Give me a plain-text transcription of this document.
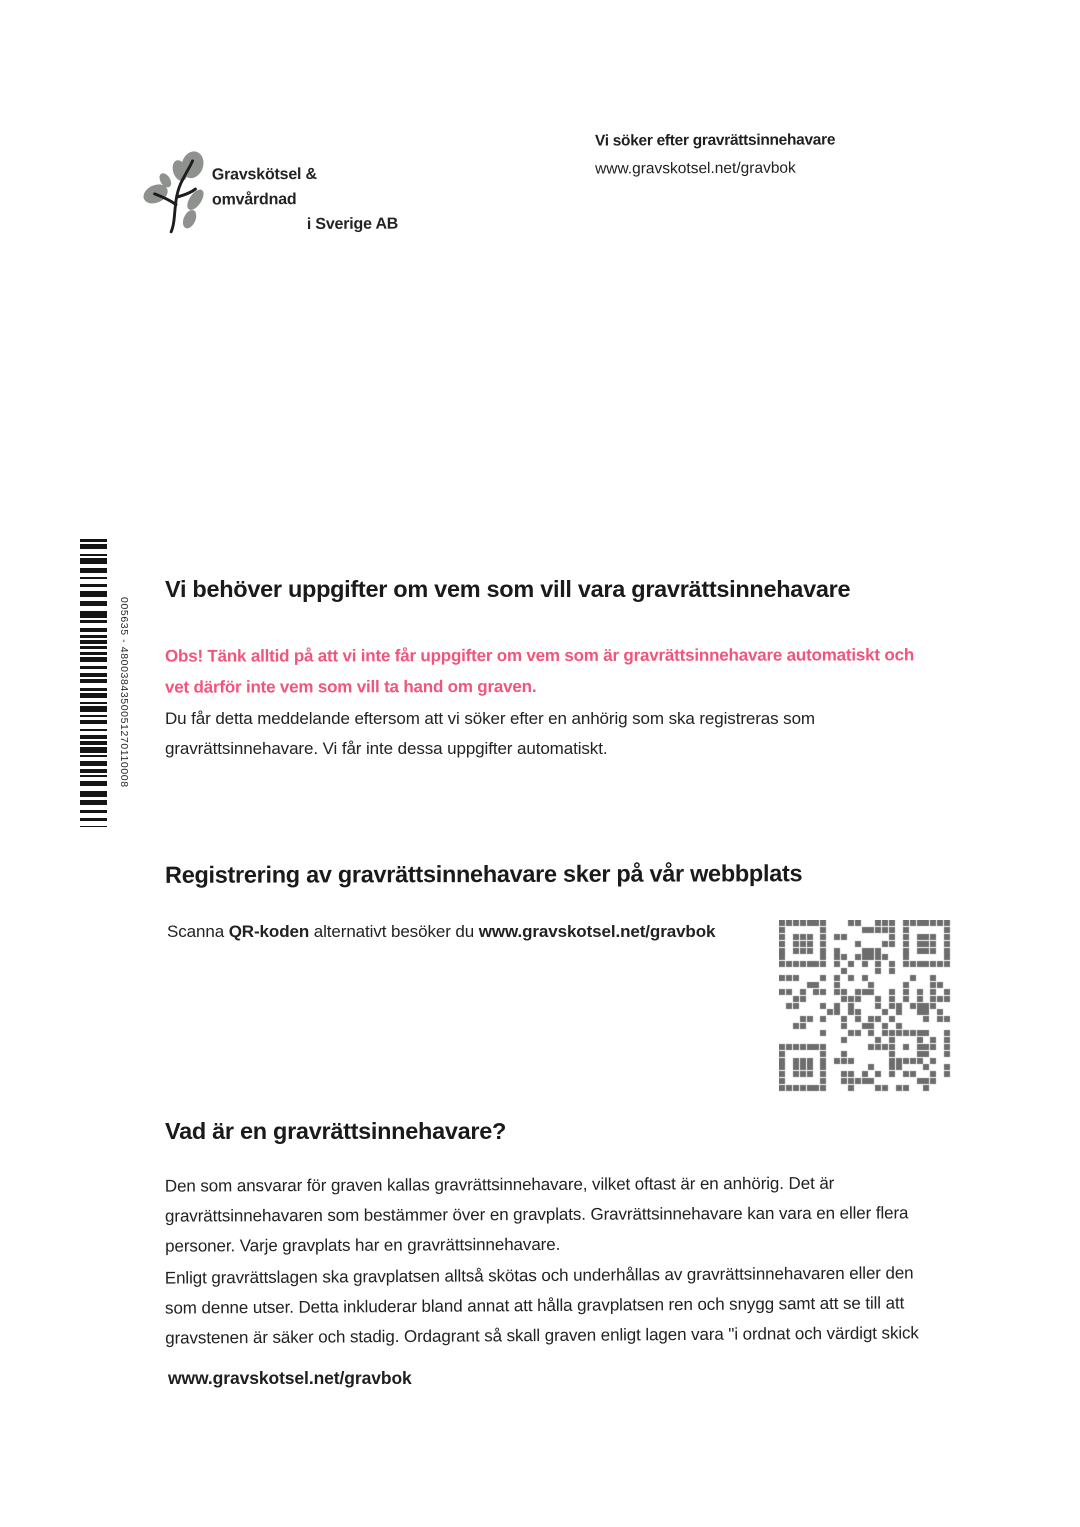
Gravskötsel & omvårdnad
i Sverige AB
Vi söker efter gravrättsinnehavare
www.gravskotsel.net/gravbok
005635 - 4800384350051270110008
Vi behöver uppgifter om vem som vill vara gravrättsinnehavare
Obs! Tänk alltid på att vi inte får uppgifter om vem som är gravrättsinnehavare automatiskt och
vet därför inte vem som vill ta hand om graven.
Du får detta meddelande eftersom att vi söker efter en anhörig som ska registreras som
gravrättsinnehavare. Vi får inte dessa uppgifter automatiskt.
Registrering av gravrättsinnehavare sker på vår webbplats
Scanna QR-koden alternativt besöker du www.gravskotsel.net/gravbok
Vad är en gravrättsinnehavare?
Den som ansvarar för graven kallas gravrättsinnehavare, vilket oftast är en anhörig. Det är
gravrättsinnehavaren som bestämmer över en gravplats. Gravrättsinnehavare kan vara en eller flera
personer. Varje gravplats har en gravrättsinnehavare.
Enligt gravrättslagen ska gravplatsen alltså skötas och underhållas av gravrättsinnehavaren eller den
som denne utser. Detta inkluderar bland annat att hålla gravplatsen ren och snygg samt att se till att
gravstenen är säker och stadig. Ordagrant så skall graven enligt lagen vara "i ordnat och värdigt skick
www.gravskotsel.net/gravbok
